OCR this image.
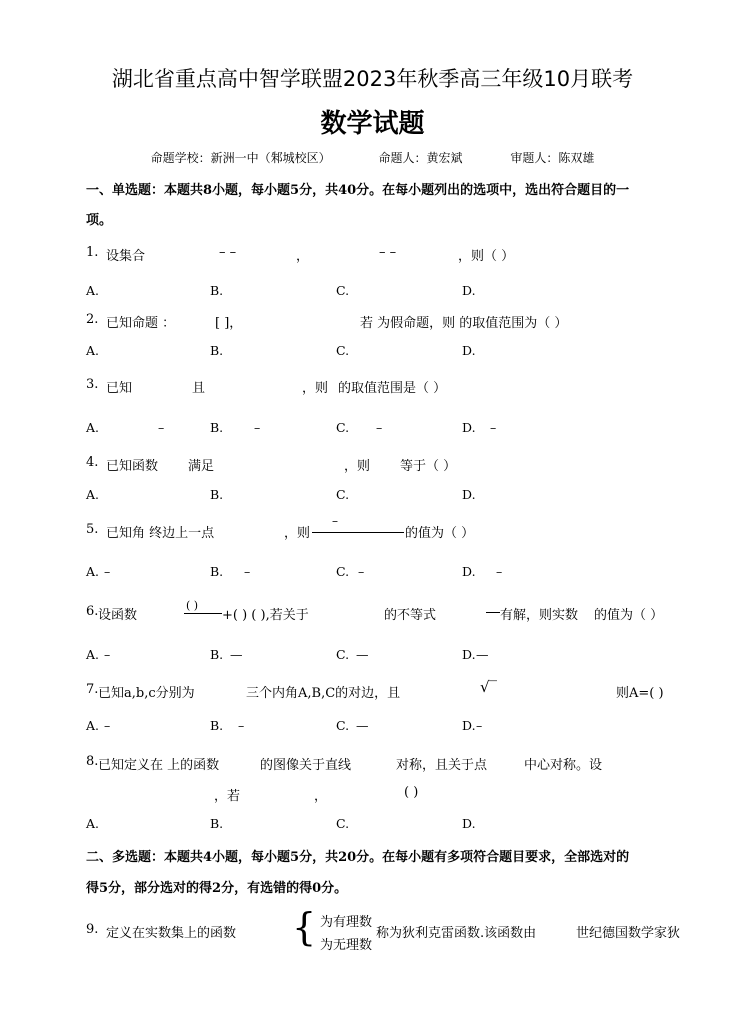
湖北省重点高中智学联盟2023年秋季高三年级10月联考
数学试题
命题学校：新洲一中（邾城校区）	命题人：黄宏斌	审题人：陈双雄
一、单选题：本题共8小题，每小题5分，共40分。在每小题列出的选项中，选出符合题目的一
项。
1. 设集合	– –	，	– –	，则（ ）
A.	B.	C.	D.
2. 已知命题 ：	[ ]，	若 为假命题，则 的取值范围为（ ）
A.	B.	C.	D.
3. 已知	且	，则 的取值范围是（ ）
A.	–	B. –	C. –	D. –
4. 已知函数 满足	，则 等于（ ）
A.	B.	C.	D.
–
5. 已知角 终边上一点	，则	的值为（ ）
A. –	B. –	C. –	D. –
( )
6. 设函数	+( ) ( ),若关于	的不等式	有解，则实数 的值为（ ）
A. –	B. —	C. —	D. —
7. 已知a,b,c分别为	三个内角A,B,C的对边，且	√‾	则A=( )
A. –	B. –	C. —	D. –
8. 已知定义在 上的函数	的图像关于直线	对称，且关于点	中心对称。设
，若	，	( )
A.	B.	C.	D.
二、多选题：本题共4小题，每小题5分，共20分。在每小题有多项符合题目要求，全部选对的
得5分，部分选对的得2分，有选错的得0分。
9. 定义在实数集上的函数 { 为有理数
为无理数
称为狄利克雷函数.该函数由	世纪德国数学家狄
